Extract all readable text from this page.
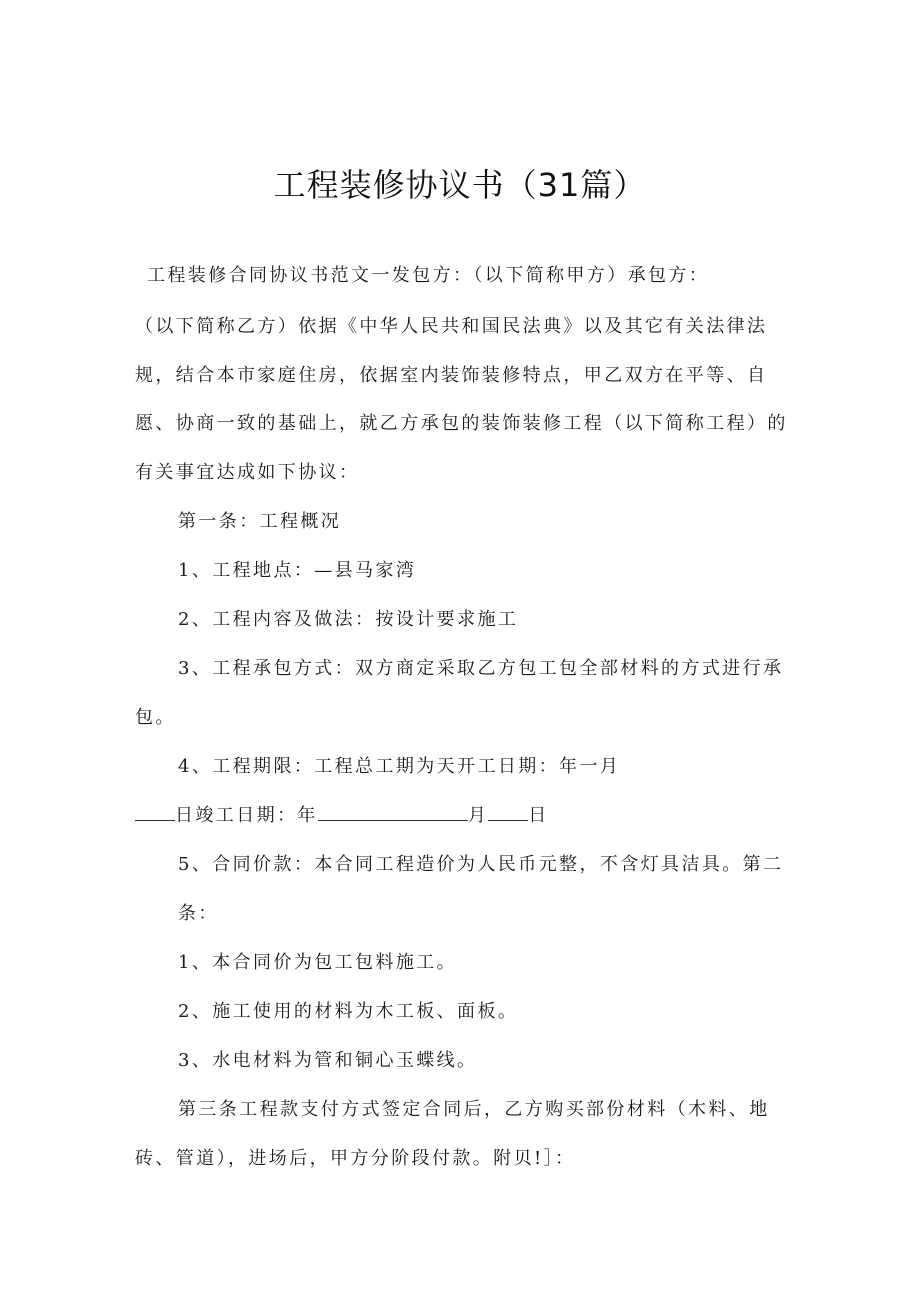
工程装修协议书（31篇）
工程装修合同协议书范文一发包方：（以下简称甲方）承包方：
（以下简称乙方）依据《中华人民共和国民法典》以及其它有关法律法
规，结合本市家庭住房，依据室内装饰装修特点，甲乙双方在平等、自
愿、协商一致的基础上，就乙方承包的装饰装修工程（以下简称工程）的
有关事宜达成如下协议：
第一条：工程概况
1、工程地点：—县马家湾
2、工程内容及做法：按设计要求施工
3、工程承包方式：双方商定采取乙方包工包全部材料的方式进行承
包。
4、工程期限：工程总工期为天开工日期：年一月
日竣工日期：年	月 日
5、合同价款：本合同工程造价为人民币元整，不含灯具洁具。第二
条：
1、本合同价为包工包料施工。
2、施工使用的材料为木工板、面板。
3、水电材料为管和铜心玉蝶线。
第三条工程款支付方式签定合同后，乙方购买部份材料（木料、地
砖、管道），进场后，甲方分阶段付款。附贝!］：
